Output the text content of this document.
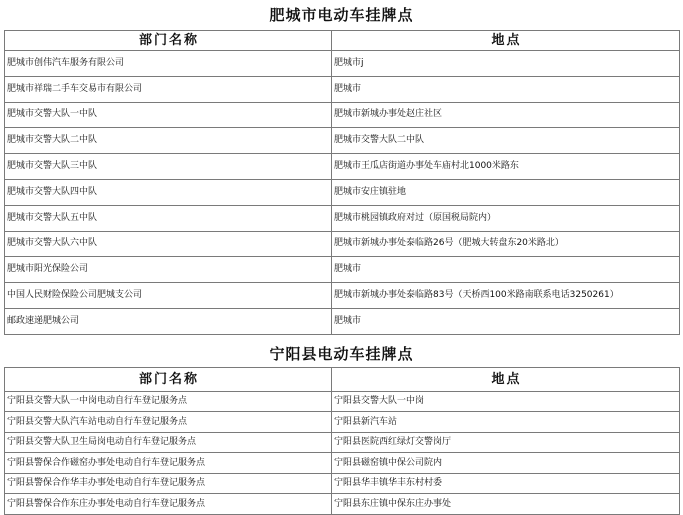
肥城市电动车挂牌点
部门名称	地点
肥城市创伟汽车服务有限公司	肥城市j
肥城市祥瑞二手车交易市有限公司	肥城市
肥城市交警大队一中队	肥城市新城办事处赵庄社区
肥城市交警大队二中队	肥城市交警大队二中队
肥城市交警大队三中队	肥城市王瓜店街道办事处车庙村北1000米路东
肥城市交警大队四中队	肥城市安庄镇驻地
肥城市交警大队五中队	肥城市桃园镇政府对过（原国税局院内）
肥城市交警大队六中队	肥城市新城办事处泰临路26号（肥城大转盘东20米路北）
肥城市阳光保险公司	肥城市
中国人民财险保险公司肥城支公司	肥城市新城办事处泰临路83号（天桥西100米路南联系电话3250261）
邮政速递肥城公司	肥城市
宁阳县电动车挂牌点
部门名称	地点
宁阳县交警大队一中岗电动自行车登记服务点	宁阳县交警大队一中岗
宁阳县交警大队汽车站电动自行车登记服务点	宁阳县新汽车站
宁阳县交警大队卫生局岗电动自行车登记服务点	宁阳县医院西红绿灯交警岗厅
宁阳县警保合作磁窑办事处电动自行车登记服务点	宁阳县磁窑镇中保公司院内
宁阳县警保合作华丰办事处电动自行车登记服务点	宁阳县华丰镇华丰东村村委
宁阳县警保合作东庄办事处电动自行车登记服务点	宁阳县东庄镇中保东庄办事处
